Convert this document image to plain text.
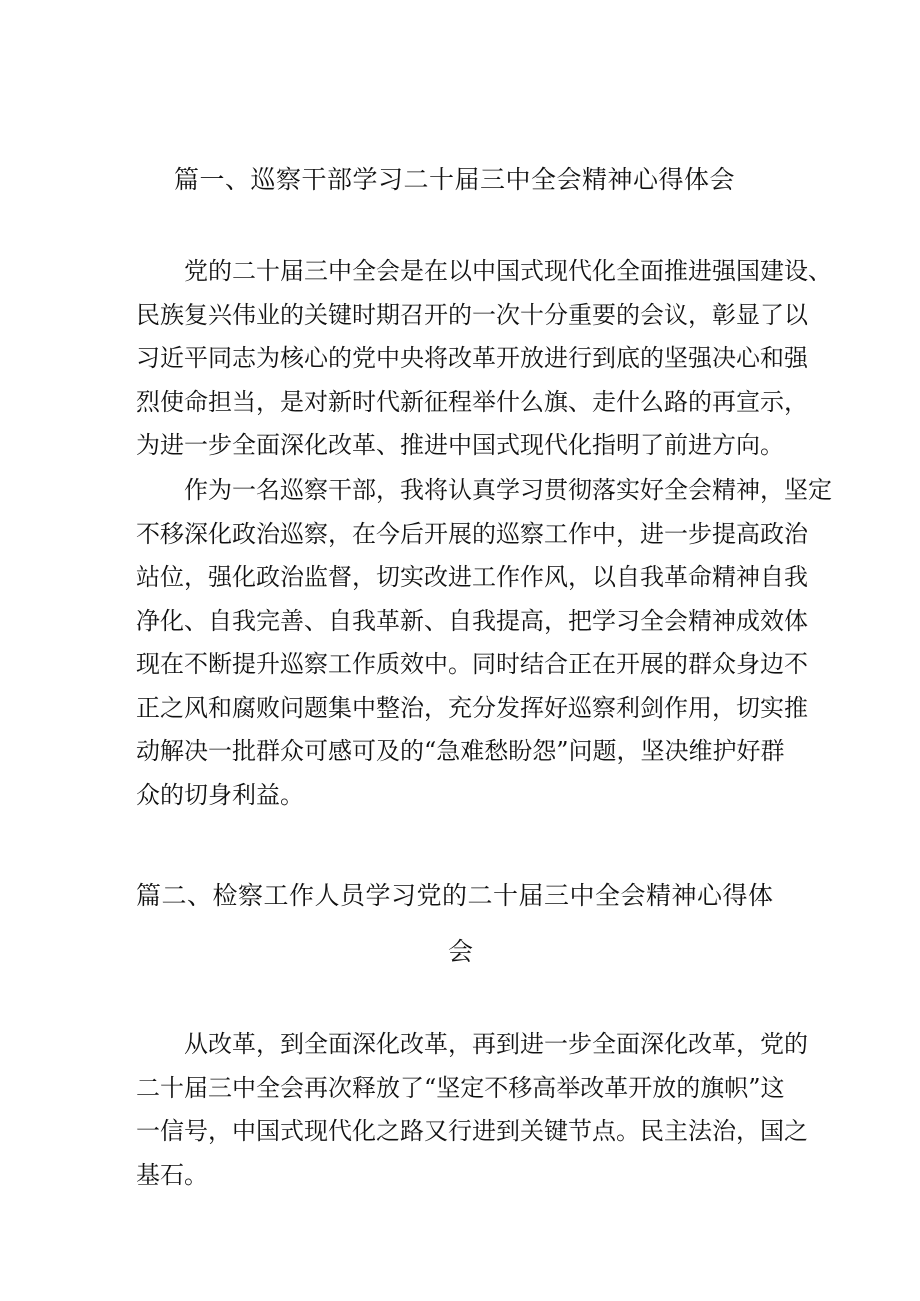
篇一、巡察干部学习二十届三中全会精神心得体会
党的二十届三中全会是在以中国式现代化全面推进强国建设、
民族复兴伟业的关键时期召开的一次十分重要的会议，彰显了以
习近平同志为核心的党中央将改革开放进行到底的坚强决心和强
烈使命担当，是对新时代新征程举什么旗、走什么路的再宣示，
为进一步全面深化改革、推进中国式现代化指明了前进方向。
作为一名巡察干部，我将认真学习贯彻落实好全会精神，坚定
不移深化政治巡察，在今后开展的巡察工作中，进一步提高政治
站位，强化政治监督，切实改进工作作风，以自我革命精神自我
净化、自我完善、自我革新、自我提高，把学习全会精神成效体
现在不断提升巡察工作质效中。同时结合正在开展的群众身边不
正之风和腐败问题集中整治，充分发挥好巡察利剑作用，切实推
动解决一批群众可感可及的“急难愁盼怨”问题，坚决维护好群
众的切身利益。
篇二、检察工作人员学习党的二十届三中全会精神心得体
会
从改革，到全面深化改革，再到进一步全面深化改革，党的
二十届三中全会再次释放了“坚定不移高举改革开放的旗帜”这
一信号，中国式现代化之路又行进到关键节点。民主法治，国之
基石。
